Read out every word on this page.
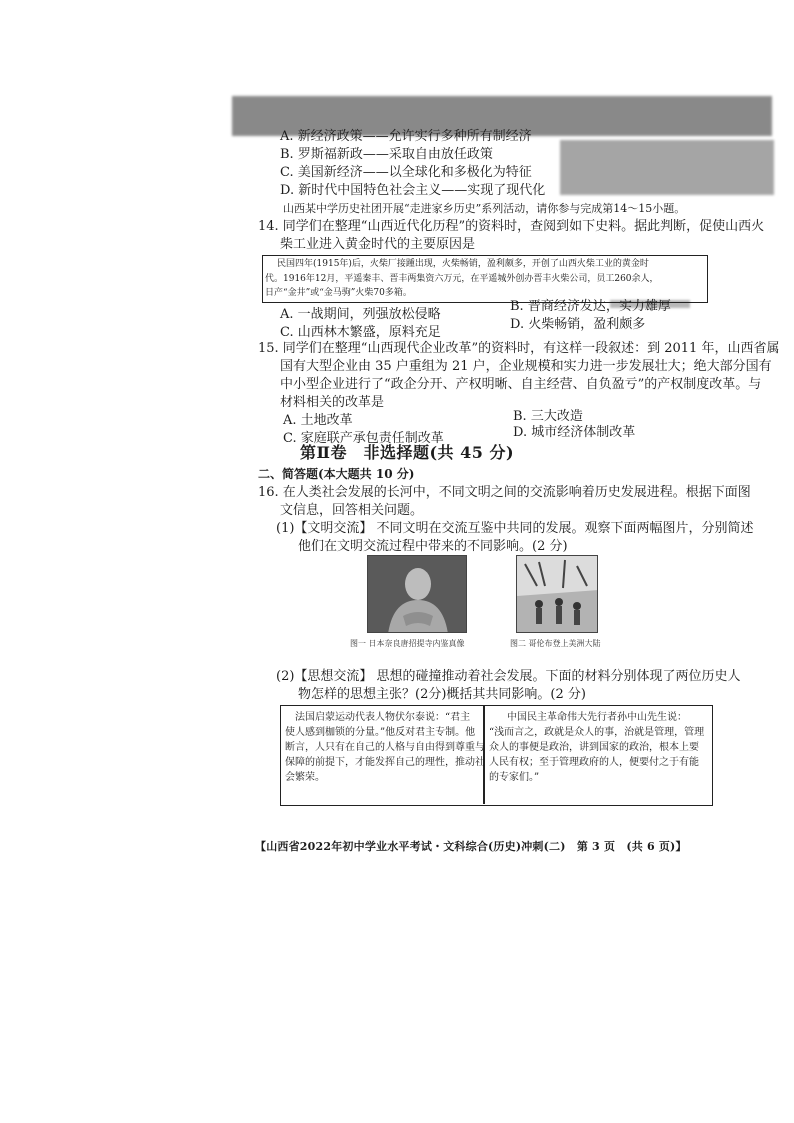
A. 新经济政策——允许实行多种所有制经济
B. 罗斯福新政——采取自由放任政策
C. 美国新经济——以全球化和多极化为特征
D. 新时代中国特色社会主义——实现了现代化
山西某中学历史社团开展“走进家乡历史”系列活动，请你参与完成第14～15小题。
14. 同学们在整理“山西近代化历程”的资料时，查阅到如下史料。据此判断，促使山西火
柴工业进入黄金时代的主要原因是
民国四年(1915年)后，火柴厂接踵出现，火柴畅销，盈利颇多，开创了山西火柴工业的黄金时
代。1916年12月，平遥秦丰、晋丰两集资六万元，在平遥城外创办晋丰火柴公司，员工260余人，
日产“金井”或“金马驹”火柴70多箱。
A. 一战期间，列强放松侵略
B. 晋商经济发达，实力雄厚
C. 山西林木繁盛，原料充足
D. 火柴畅销，盈利颇多
15. 同学们在整理“山西现代企业改革”的资料时，有这样一段叙述：到 2011 年，山西省属
国有大型企业由 35 户重组为 21 户，企业规模和实力进一步发展壮大；绝大部分国有
中小型企业进行了“政企分开、产权明晰、自主经营、自负盈亏”的产权制度改革。与
材料相关的改革是
A. 土地改革	B. 三大改造
C. 家庭联产承包责任制改革	D. 城市经济体制改革
第Ⅱ卷　非选择题(共 45 分)
二、简答题(本大题共 10 分)
16. 在人类社会发展的长河中，不同文明之间的交流影响着历史发展进程。根据下面图
文信息，回答相关问题。
(1)【文明交流】 不同文明在交流互鉴中共同的发展。观察下面两幅图片，分别简述
他们在文明交流过程中带来的不同影响。(2 分)
图一 日本奈良唐招提寺内鉴真像	图二 哥伦布登上美洲大陆
(2)【思想交流】 思想的碰撞推动着社会发展。下面的材料分别体现了两位历史人
物怎样的思想主张？(2分)概括其共同影响。(2 分)
法国启蒙运动代表人物伏尔泰说：“君主
使人感到枷锁的分量。”他反对君主专制。他
断言，人只有在自己的人格与自由得到尊重与
保障的前提下，才能发挥自己的理性，推动社
会繁荣。
中国民主革命伟大先行者孙中山先生说：
“浅而言之，政就是众人的事，治就是管理，管理
众人的事便是政治，讲到国家的政治，根本上要
人民有权；至于管理政府的人，便要付之于有能
的专家们。”
【山西省2022年初中学业水平考试・文科综合(历史)冲刺(二)　第 3 页　(共 6 页)】
